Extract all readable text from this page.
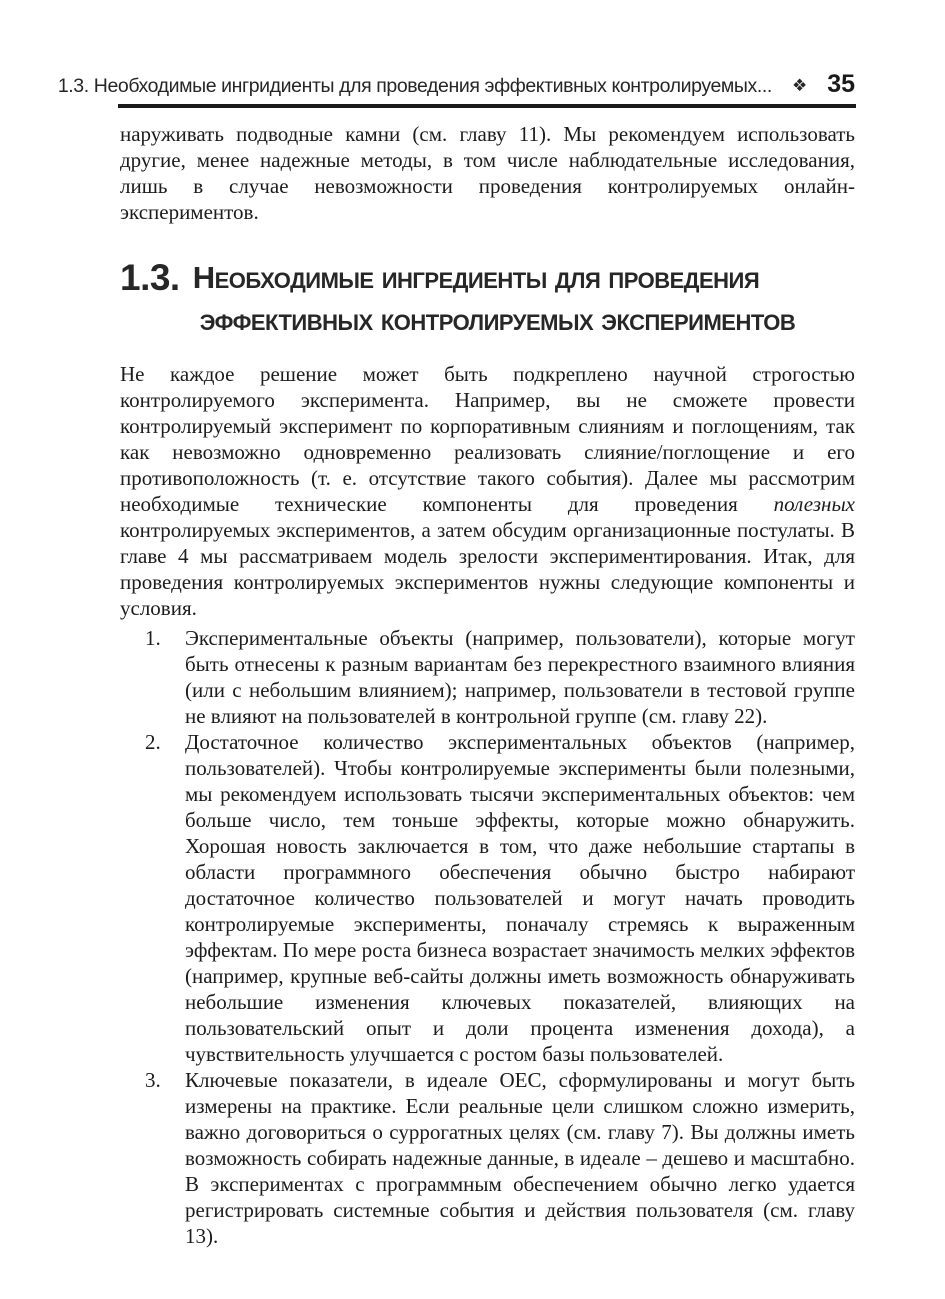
1.3. Необходимые ингридиенты для проведения эффективных контролируемых... ❖ 35

наруживать подводные камни (см. главу 11). Мы рекомендуем использовать другие, менее надежные методы, в том числе наблюдательные исследования, лишь в случае невозможности проведения контролируемых онлайн-экспериментов.

1.3. Необходимые ингредиенты для проведения
эффективных контролируемых экспериментов

Не каждое решение может быть подкреплено научной строгостью контролируемого эксперимента. Например, вы не сможете провести контролируемый эксперимент по корпоративным слияниям и поглощениям, так как невозможно одновременно реализовать слияние/поглощение и его противоположность (т. е. отсутствие такого события). Далее мы рассмотрим необходимые технические компоненты для проведения полезных контролируемых экспериментов, а затем обсудим организационные постулаты. В главе 4 мы рассматриваем модель зрелости экспериментирования. Итак, для проведения контролируемых экспериментов нужны следующие компоненты и условия.

1.	Экспериментальные объекты (например, пользователи), которые могут быть отнесены к разным вариантам без перекрестного взаимного влияния (или с небольшим влиянием); например, пользователи в тестовой группе не влияют на пользователей в контрольной группе (см. главу 22).
2.	Достаточное количество экспериментальных объектов (например, пользователей). Чтобы контролируемые эксперименты были полезными, мы рекомендуем использовать тысячи экспериментальных объектов: чем больше число, тем тоньше эффекты, которые можно обнаружить. Хорошая новость заключается в том, что даже небольшие стартапы в области программного обеспечения обычно быстро набирают достаточное количество пользователей и могут начать проводить контролируемые эксперименты, поначалу стремясь к выраженным эффектам. По мере роста бизнеса возрастает значимость мелких эффектов (например, крупные веб-сайты должны иметь возможность обнаруживать небольшие изменения ключевых показателей, влияющих на пользовательский опыт и доли процента изменения дохода), а чувствительность улучшается с ростом базы пользователей.
3.	Ключевые показатели, в идеале OEC, сформулированы и могут быть измерены на практике. Если реальные цели слишком сложно измерить, важно договориться о суррогатных целях (см. главу 7). Вы должны иметь возможность собирать надежные данные, в идеале – дешево и масштабно. В экспериментах с программным обеспечением обычно легко удается регистрировать системные события и действия пользователя (см. главу 13).
